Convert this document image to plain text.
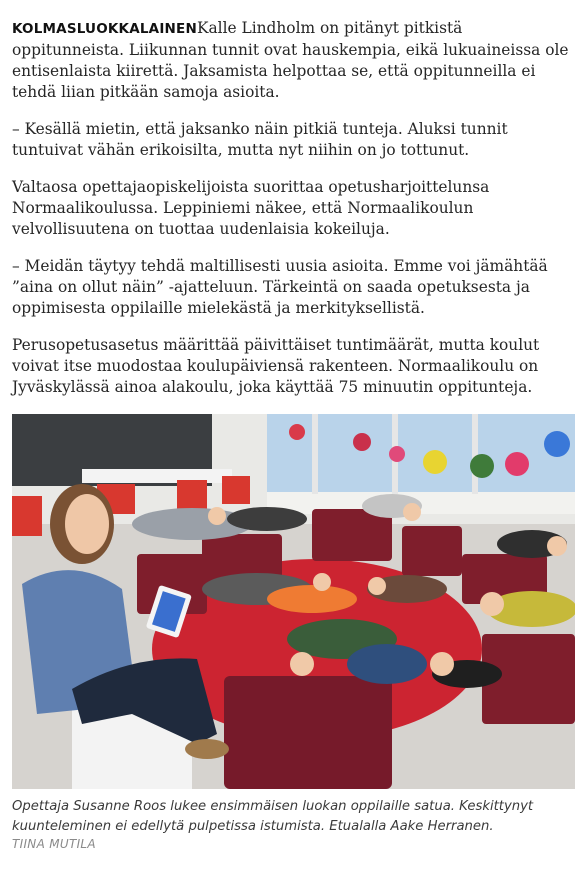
KOLMASLUOKKALAINENKalle Lindholm on pitänyt pitkistä oppitunneista. Liikunnan tunnit ovat hauskempia, eikä lukuaineissa ole entisenlaista kiirettä. Jaksamista helpottaa se, että oppitunneilla ei tehdä liian pitkään samoja asioita.

– Kesällä mietin, että jaksanko näin pitkiä tunteja. Aluksi tunnit tuntuivat vähän erikoisilta, mutta nyt niihin on jo tottunut.

Valtaosa opettajaopiskelijoista suorittaa opetusharjoittelunsa Normaalikoulussa. Leppiniemi näkee, että Normaalikoulun velvollisuutena on tuottaa uudenlaisia kokeiluja.

– Meidän täytyy tehdä maltillisesti uusia asioita. Emme voi jämähtää ”aina on ollut näin” -ajatteluun. Tärkeintä on saada opetuksesta ja oppimisesta oppilaille mielekästä ja merkityksellistä.

Perusopetusasetus määrittää päivittäiset tuntimäärät, mutta koulut voivat itse muodostaa koulupäiviensä rakenteen. Normaalikoulu on Jyväskylässä ainoa alakoulu, joka käyttää 75 minuutin oppitunteja.

Opettaja Susanne Roos lukee ensimmäisen luokan oppilaille satua. Keskittynyt kuunteleminen ei edellytä pulpetissa istumista. Etualalla Aake Herranen.
TIINA MUTILA
